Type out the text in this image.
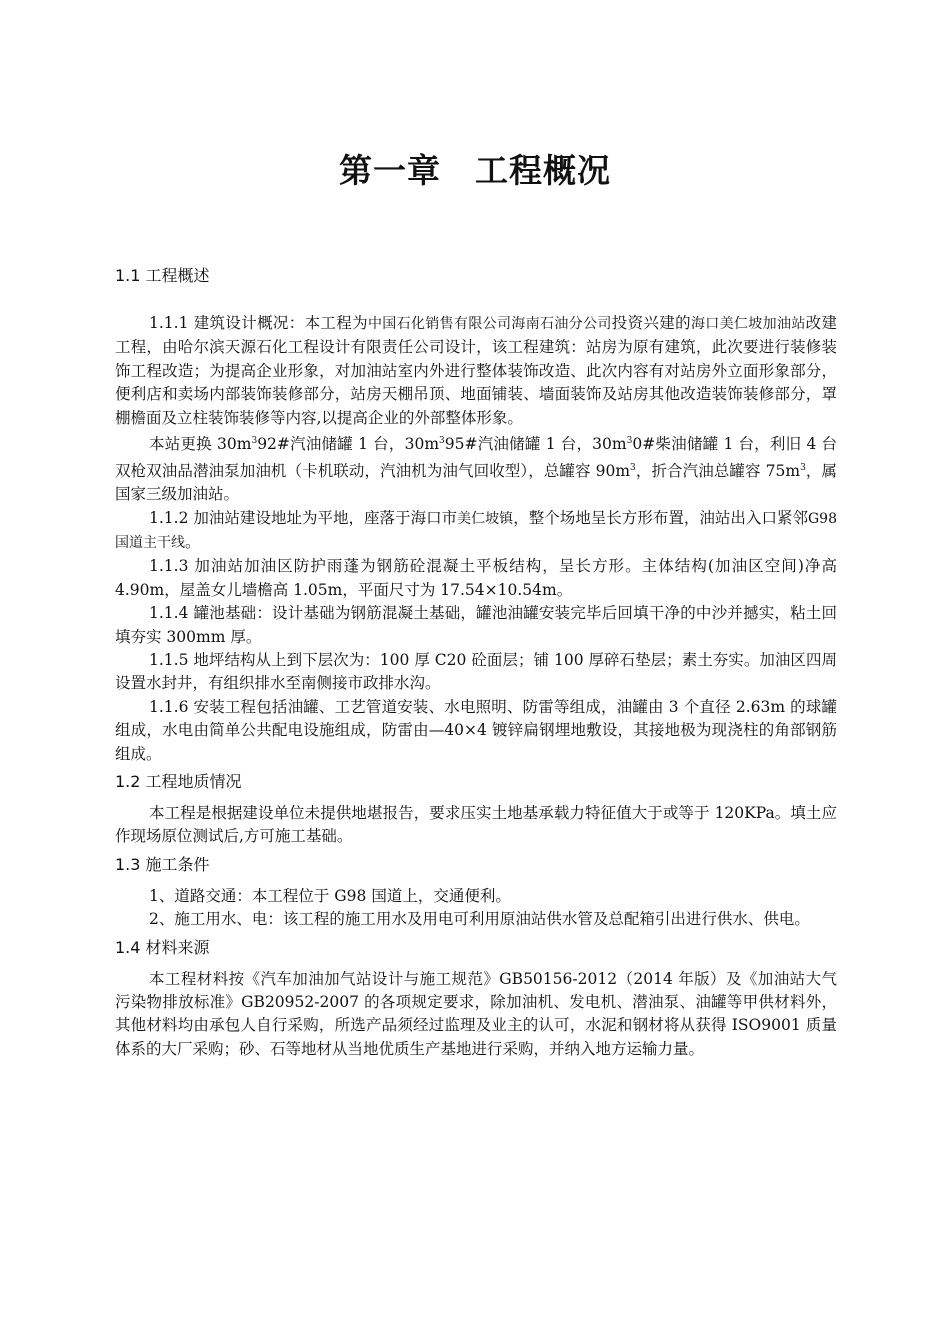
第一章　工程概况

1.1 工程概述

1.1.1 建筑设计概况：本工程为中国石化销售有限公司海南石油分公司投资兴建的海口美仁坡加油站改建工程，由哈尔滨天源石化工程设计有限责任公司设计，该工程建筑：站房为原有建筑，此次要进行装修装饰工程改造；为提高企业形象，对加油站室内外进行整体装饰改造、此次内容有对站房外立面形象部分，便利店和卖场内部装饰装修部分，站房天棚吊顶、地面铺装、墙面装饰及站房其他改造装饰装修部分，罩棚檐面及立柱装饰装修等内容,以提高企业的外部整体形象。

本站更换 $30m^392\#$汽油储罐 1 台，$30m^395\#$汽油储罐 1 台，$30m^30\#$柴油储罐 1 台，利旧 4 台双枪双油品潜油泵加油机（卡机联动，汽油机为油气回收型），总罐容 $90m^3$，折合汽油总罐容 $75m^3$，属国家三级加油站。

1.1.2 加油站建设地址为平地，座落于海口市美仁坡镇，整个场地呈长方形布置，油站出入口紧邻G98 国道主干线。

1.1.3 加油站加油区防护雨蓬为钢筋砼混凝土平板结构，呈长方形。主体结构(加油区空间)净高 4.90m，屋盖女儿墙檐高 1.05m，平面尺寸为 17.54×10.54m。

1.1.4 罐池基础：设计基础为钢筋混凝土基础，罐池油罐安装完毕后回填干净的中沙并撼实，粘土回填夯实 300mm 厚。

1.1.5 地坪结构从上到下层次为：100 厚 C20 砼面层；铺 100 厚碎石垫层；素土夯实。加油区四周设置水封井，有组织排水至南侧接市政排水沟。

1.1.6 安装工程包括油罐、工艺管道安装、水电照明、防雷等组成，油罐由 3 个直径 2.63m 的球罐组成，水电由简单公共配电设施组成，防雷由—40×4 镀锌扁钢埋地敷设，其接地极为现浇柱的角部钢筋组成。

1.2 工程地质情况

本工程是根据建设单位未提供地堪报告，要求压实土地基承载力特征值大于或等于 120KPa。填土应作现场原位测试后,方可施工基础。

1.3 施工条件

1、道路交通：本工程位于 G98 国道上，交通便利。

2、施工用水、电：该工程的施工用水及用电可利用原油站供水管及总配箱引出进行供水、供电。

1.4 材料来源

本工程材料按《汽车加油加气站设计与施工规范》GB50156-2012（2014 年版）及《加油站大气污染物排放标准》GB20952-2007 的各项规定要求，除加油机、发电机、潜油泵、油罐等甲供材料外，其他材料均由承包人自行采购，所选产品须经过监理及业主的认可，水泥和钢材将从获得 ISO9001 质量体系的大厂采购；砂、石等地材从当地优质生产基地进行采购，并纳入地方运输力量。
